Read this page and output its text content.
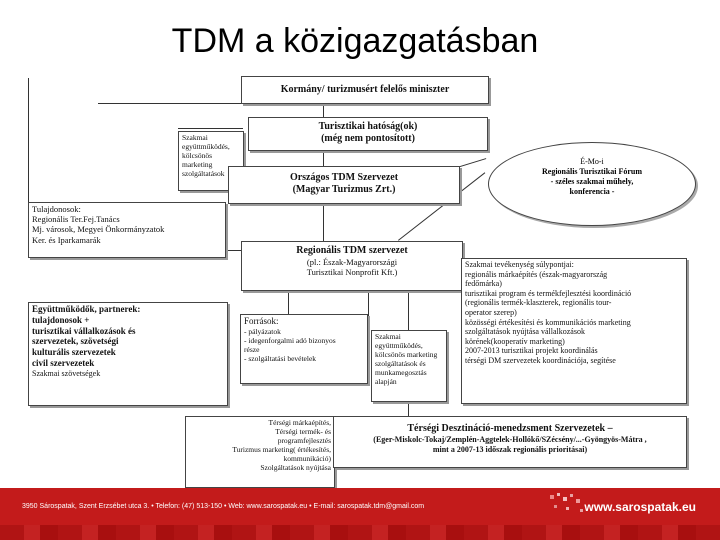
TDM a közigazgatásban
Kormány/ turizmusért felelős miniszter
Turisztikai hatóság(ok)
(még nem pontosított)
Szakmai
együttműködés,
kölcsönös
marketing
szolgáltatások	Országos TDM Szervezet
(Magyar Turizmus Zrt.)
É-Mo-i
Regionális Turisztikai Fórum
- széles szakmai műhely,
konferencia -
Tulajdonosok:
Regionális Ter.Fej.Tanács
Mj. városok, Megyei Önkormányzatok
Ker. és Iparkamarák
Regionális TDM szervezet
(pl.: Észak-Magyarországi
Turisztikai Nonprofit Kft.)
Szakmai tevékenység súlypontjai:
regionális márkaépítés (észak-magyarország
fedőmárka)
turisztikai program és termékfejlesztési koordináció
(regionális termék-klaszterek, regionális tour-
operator szerep)
közösségi értékesítési és kommunikációs marketing
szolgáltatások nyújtása vállalkozások
körének(kooperatív marketing)
2007-2013 turisztikai projekt koordinálás
térségi DM szervezetek koordinációja, segítése
Együttműködők, partnerek:
tulajdonosok +
turisztikai vállalkozások és
szervezetek, szövetségi
kulturális szervezetek
civil szervezetek
Szakmai szövetségek
Források:
- pályázatok
- idegenforgalmi adó bizonyos
része
- szolgáltatási bevételek
Szakmai
együttműködés,
kölcsönös marketing
szolgáltatások és
munkamegosztás
alapján
Térségi márkaépítés,
Térségi termék- és
programfejlesztés
Turizmus marketing( értékesítés,
kommunikáció)
Szolgáltatások nyújtása
Térségi Desztináció-menedzsment Szervezetek –
(Eger-Miskolc-Tokaj/Zemplén-Aggtelek-Hollókő/SZécsény/...-Gyöngyös-Mátra ,
mint a 2007-13 időszak regionális prioritásai)
3950 Sárospatak, Szent Erzsébet utca 3. • Telefon: (47) 513-150 • Web: www.sarospatak.eu • E-mail: sarospatak.tdm@gmail.com	www.sarospatak.eu
